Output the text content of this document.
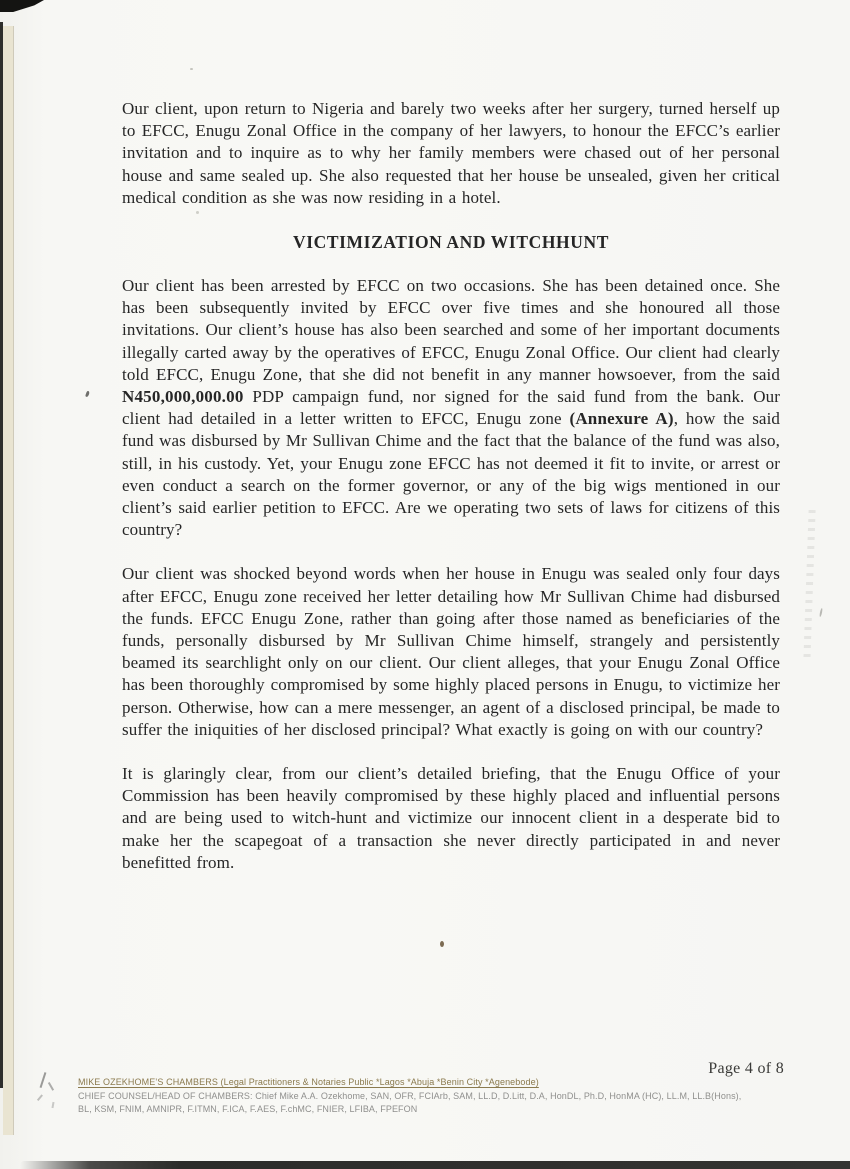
Our client, upon return to Nigeria and barely two weeks after her surgery, turned herself up to EFCC, Enugu Zonal Office in the company of her lawyers, to honour the EFCC’s earlier invitation and to inquire as to why her family members were chased out of her personal house and same sealed up. She also requested that her house be unsealed, given her critical medical condition as she was now residing in a hotel.

VICTIMIZATION AND WITCHHUNT

Our client has been arrested by EFCC on two occasions. She has been detained once. She has been subsequently invited by EFCC over five times and she honoured all those invitations. Our client’s house has also been searched and some of her important documents illegally carted away by the operatives of EFCC, Enugu Zonal Office. Our client had clearly told EFCC, Enugu Zone, that she did not benefit in any manner howsoever, from the said N450,000,000.00 PDP campaign fund, nor signed for the said fund from the bank. Our client had detailed in a letter written to EFCC, Enugu zone (Annexure A), how the said fund was disbursed by Mr Sullivan Chime and the fact that the balance of the fund was also, still, in his custody. Yet, your Enugu zone EFCC has not deemed it fit to invite, or arrest or even conduct a search on the former governor, or any of the big wigs mentioned in our client’s said earlier petition to EFCC. Are we operating two sets of laws for citizens of this country?

Our client was shocked beyond words when her house in Enugu was sealed only four days after EFCC, Enugu zone received her letter detailing how Mr Sullivan Chime had disbursed the funds. EFCC Enugu Zone, rather than going after those named as beneficiaries of the funds, personally disbursed by Mr Sullivan Chime himself, strangely and persistently beamed its searchlight only on our client. Our client alleges, that your Enugu Zonal Office has been thoroughly compromised by some highly placed persons in Enugu, to victimize her person. Otherwise, how can a mere messenger, an agent of a disclosed principal, be made to suffer the iniquities of her disclosed principal? What exactly is going on with our country?

It is glaringly clear, from our client’s detailed briefing, that the Enugu Office of your Commission has been heavily compromised by these highly placed and influential persons and are being used to witch-hunt and victimize our innocent client in a desperate bid to make her the scapegoat of a transaction she never directly participated in and never benefitted from.

Page 4 of 8
MIKE OZEKHOME’S CHAMBERS (Legal Practitioners & Notaries Public *Lagos *Abuja *Benin City *Agenebode)
CHIEF COUNSEL/HEAD OF CHAMBERS: Chief Mike A.A. Ozekhome, SAN, OFR, FCIArb, SAM, LL.D, D.Litt, D.A, HonDL, Ph.D, HonMA (HC), LL.M, LL.B(Hons),
BL, KSM, FNIM, AMNIPR, F.ITMN, F.ICA, F.AES, F.chMC, FNIER, LFIBA, FPEFON
